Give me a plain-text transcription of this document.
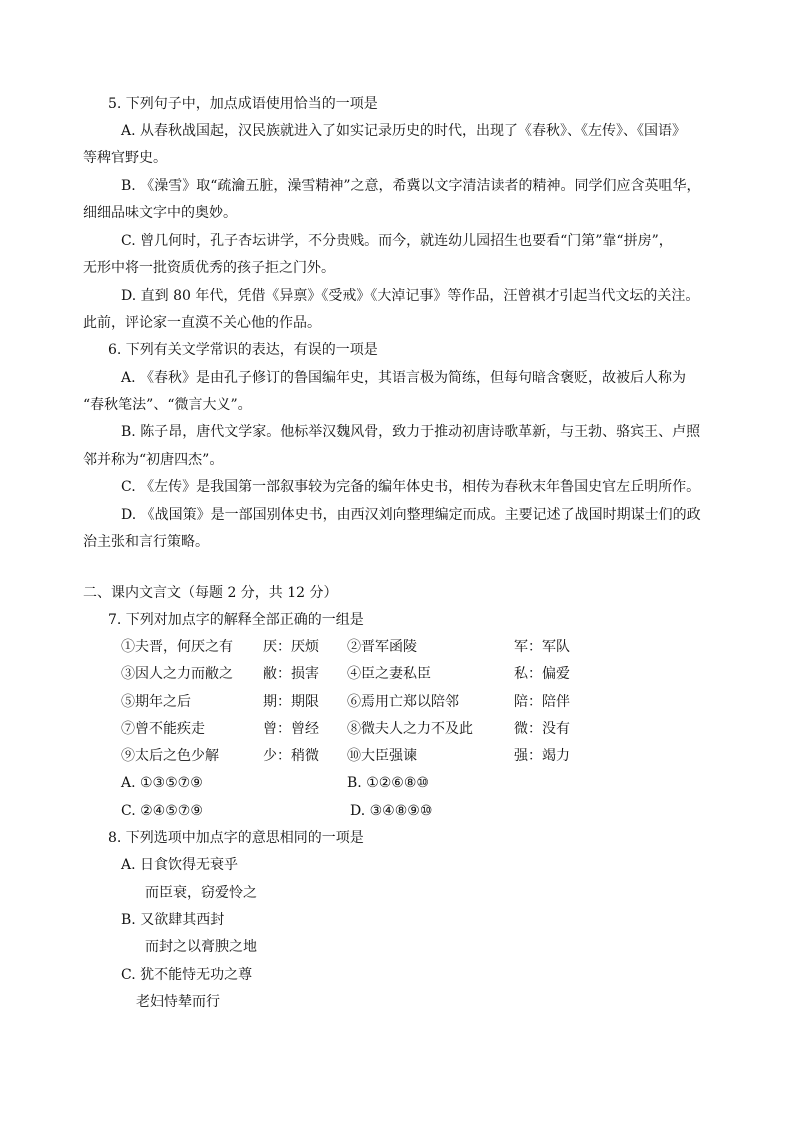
5. 下列句子中，加点成语使用恰当的一项是
A. 从春秋战国起，汉民族就进入了如实记录历史的时代，出现了《春秋》、《左传》、《国语》
等稗官野史。
B. 《澡雪》取“疏瀹五脏，澡雪精神”之意，希冀以文字清洁读者的精神。同学们应含英咀华，
细细品味文字中的奥妙。
C. 曾几何时，孔子杏坛讲学，不分贵贱。而今，就连幼儿园招生也要看“门第”靠“拼房”，
无形中将一批资质优秀的孩子拒之门外。
D. 直到 80 年代，凭借《异禀》《受戒》《大淖记事》等作品，汪曾祺才引起当代文坛的关注。
此前，评论家一直漠不关心他的作品。
6. 下列有关文学常识的表达，有误的一项是
A. 《春秋》是由孔子修订的鲁国编年史，其语言极为简练，但每句暗含褒贬，故被后人称为
“春秋笔法”、“微言大义”。
B. 陈子昂，唐代文学家。他标举汉魏风骨，致力于推动初唐诗歌革新，与王勃、骆宾王、卢照
邻并称为“初唐四杰”。
C. 《左传》是我国第一部叙事较为完备的编年体史书，相传为春秋末年鲁国史官左丘明所作。
D. 《战国策》是一部国别体史书，由西汉刘向整理编定而成。主要记述了战国时期谋士们的政
治主张和言行策略。
二、课内文言文（每题 2 分，共 12 分）
7. 下列对加点字的解释全部正确的一组是
①夫晋，何厌之有 厌：厌烦 ②晋军函陵	军：军队
③因人之力而敝之 敝：损害 ④臣之妻私臣	私：偏爱
⑤期年之后	期：期限 ⑥焉用亡郑以陪邻	陪：陪伴
⑦曾不能疾走	曾：曾经 ⑧微夫人之力不及此	微：没有
⑨太后之色少解	少：稍微 ⑩大臣强谏	强：竭力
A. ①③⑤⑦⑨	B. ①②⑥⑧⑩
C. ②④⑤⑦⑨	D. ③④⑧⑨⑩
8. 下列选项中加点字的意思相同的一项是
A. 日食饮得无衰乎
而臣衰，窃爱怜之
B. 又欲肆其西封
而封之以膏腴之地
C. 犹不能恃无功之尊
老妇恃辇而行
